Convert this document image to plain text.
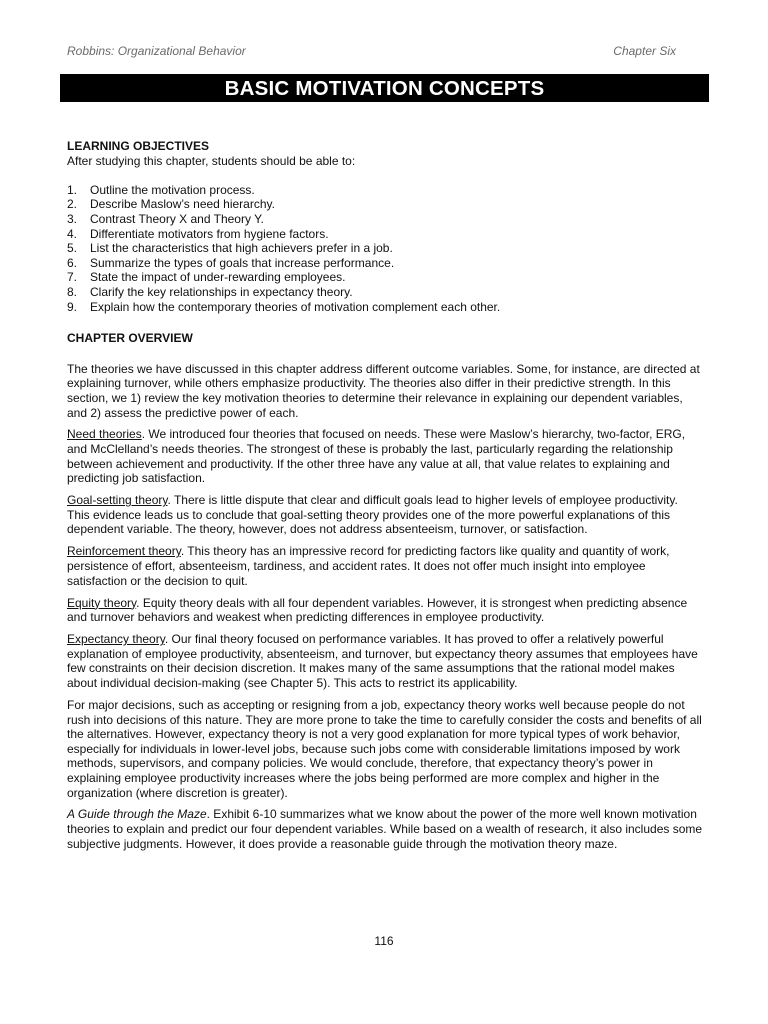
Robbins: Organizational Behavior	Chapter Six
BASIC MOTIVATION CONCEPTS
LEARNING OBJECTIVES
After studying this chapter, students should be able to:
1.	Outline the motivation process.
2.	Describe Maslow’s need hierarchy.
3.	Contrast Theory X and Theory Y.
4.	Differentiate motivators from hygiene factors.
5.	List the characteristics that high achievers prefer in a job.
6.	Summarize the types of goals that increase performance.
7.	State the impact of under-rewarding employees.
8.	Clarify the key relationships in expectancy theory.
9.	Explain how the contemporary theories of motivation complement each other.
CHAPTER OVERVIEW

The theories we have discussed in this chapter address different outcome variables. Some, for instance, are directed at explaining turnover, while others emphasize productivity. The theories also differ in their predictive strength. In this section, we 1) review the key motivation theories to determine their relevance in explaining our dependent variables, and 2) assess the predictive power of each.

Need theories. We introduced four theories that focused on needs. These were Maslow’s hierarchy, two-factor, ERG, and McClelland’s needs theories. The strongest of these is probably the last, particularly regarding the relationship between achievement and productivity. If the other three have any value at all, that value relates to explaining and predicting job satisfaction.

Goal-setting theory. There is little dispute that clear and difficult goals lead to higher levels of employee productivity. This evidence leads us to conclude that goal-setting theory provides one of the more powerful explanations of this dependent variable. The theory, however, does not address absenteeism, turnover, or satisfaction.

Reinforcement theory. This theory has an impressive record for predicting factors like quality and quantity of work, persistence of effort, absenteeism, tardiness, and accident rates. It does not offer much insight into employee satisfaction or the decision to quit.

Equity theory. Equity theory deals with all four dependent variables. However, it is strongest when predicting absence and turnover behaviors and weakest when predicting differences in employee productivity.

Expectancy theory. Our final theory focused on performance variables. It has proved to offer a relatively powerful explanation of employee productivity, absenteeism, and turnover, but expectancy theory assumes that employees have few constraints on their decision discretion. It makes many of the same assumptions that the rational model makes about individual decision-making (see Chapter 5). This acts to restrict its applicability.

For major decisions, such as accepting or resigning from a job, expectancy theory works well because people do not rush into decisions of this nature. They are more prone to take the time to carefully consider the costs and benefits of all the alternatives. However, expectancy theory is not a very good explanation for more typical types of work behavior, especially for individuals in lower-level jobs, because such jobs come with considerable limitations imposed by work methods, supervisors, and company policies. We would conclude, therefore, that expectancy theory’s power in explaining employee productivity increases where the jobs being performed are more complex and higher in the organization (where discretion is greater).

A Guide through the Maze. Exhibit 6-10 summarizes what we know about the power of the more well known motivation theories to explain and predict our four dependent variables. While based on a wealth of research, it also includes some subjective judgments. However, it does provide a reasonable guide through the motivation theory maze.

116
